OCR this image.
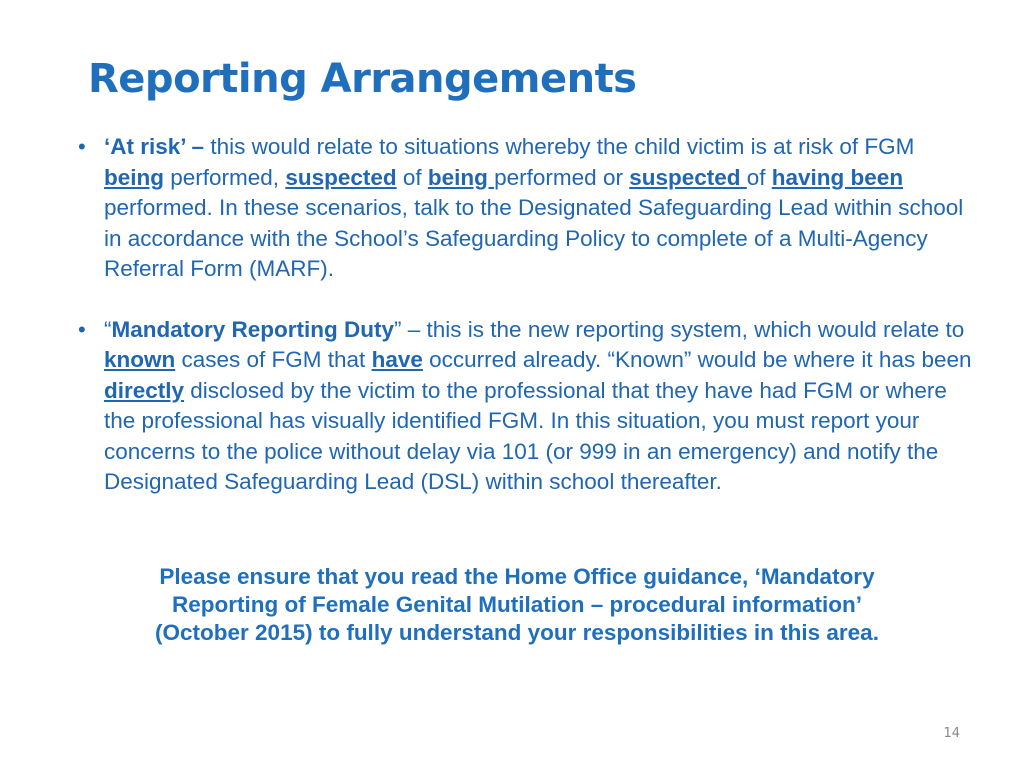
Reporting Arrangements
• ‘At risk’ – this would relate to situations whereby the child victim is at risk of FGM being performed, suspected of being performed or suspected of having been performed. In these scenarios, talk to the Designated Safeguarding Lead within school in accordance with the School’s Safeguarding Policy to complete of a Multi-Agency Referral Form (MARF).
• “Mandatory Reporting Duty” – this is the new reporting system, which would relate to known cases of FGM that have occurred already. “Known” would be where it has been directly disclosed by the victim to the professional that they have had FGM or where the professional has visually identified FGM. In this situation, you must report your concerns to the police without delay via 101 (or 999 in an emergency) and notify the Designated Safeguarding Lead (DSL) within school thereafter.

Please ensure that you read the Home Office guidance, ‘Mandatory
Reporting of Female Genital Mutilation – procedural information’
(October 2015) to fully understand your responsibilities in this area.

14
